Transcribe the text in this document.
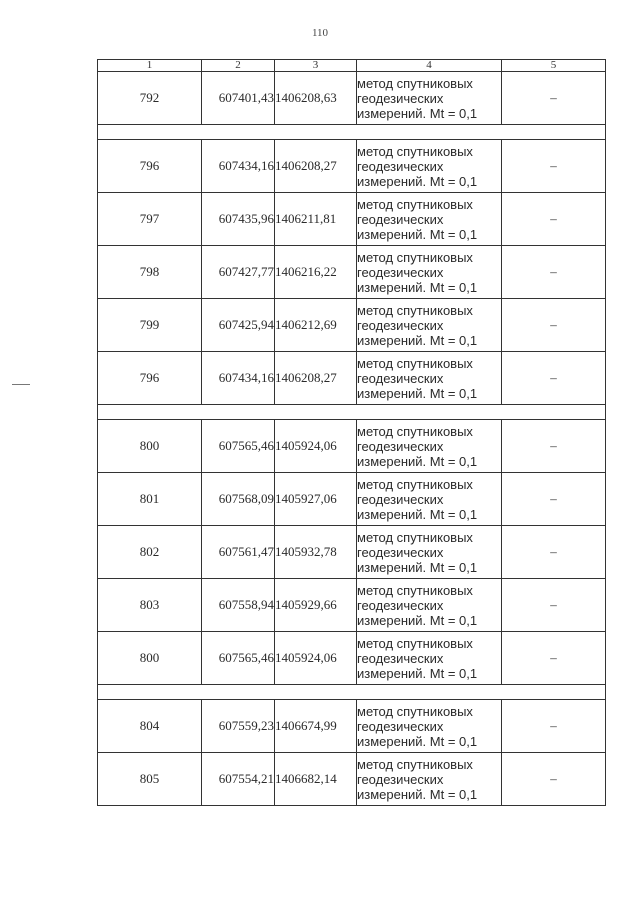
110
1	2	3	4	5
792	607401,43	1406208,63	метод спутниковых
геодезических
измерений. Mt = 0,1	–

796	607434,16	1406208,27	метод спутниковых
геодезических
измерений. Mt = 0,1	–
797	607435,96	1406211,81	метод спутниковых
геодезических
измерений. Mt = 0,1	–
798	607427,77	1406216,22	метод спутниковых
геодезических
измерений. Mt = 0,1	–
799	607425,94	1406212,69	метод спутниковых
геодезических
измерений. Mt = 0,1	–
796	607434,16	1406208,27	метод спутниковых
геодезических
измерений. Mt = 0,1	–

800	607565,46	1405924,06	метод спутниковых
геодезических
измерений. Mt = 0,1	–
801	607568,09	1405927,06	метод спутниковых
геодезических
измерений. Mt = 0,1	–
802	607561,47	1405932,78	метод спутниковых
геодезических
измерений. Mt = 0,1	–
803	607558,94	1405929,66	метод спутниковых
геодезических
измерений. Mt = 0,1	–
800	607565,46	1405924,06	метод спутниковых
геодезических
измерений. Mt = 0,1	–

804	607559,23	1406674,99	метод спутниковых
геодезических
измерений. Mt = 0,1	–
805	607554,21	1406682,14	метод спутниковых
геодезических
измерений. Mt = 0,1	–
